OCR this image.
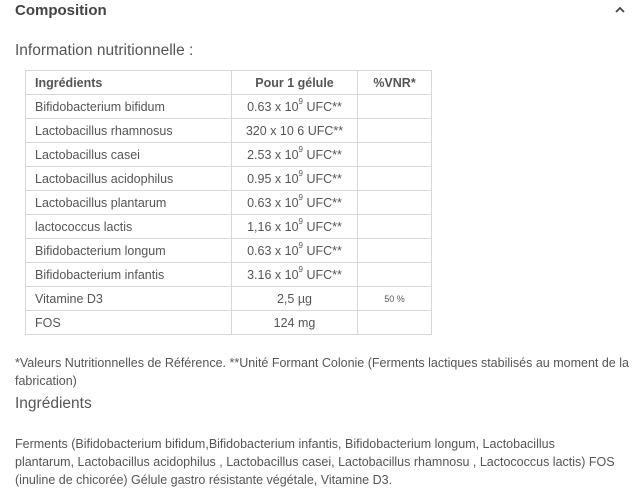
Composition
Information nutritionnelle :
Ingrédients	Pour 1 gélule	%VNR*
Bifidobacterium bifidum	0.63 x $10^9$ UFC**	
Lactobacillus rhamnosus	320 x 10 6 UFC**	
Lactobacillus casei	2.53 x $10^9$ UFC**	
Lactobacillus acidophilus	0.95 x $10^9$ UFC**	
Lactobacillus plantarum	0.63 x $10^9$ UFC**	
lactococcus lactis	1,16 x $10^9$ UFC**	
Bifidobacterium longum	0.63 x $10^9$ UFC**	
Bifidobacterium infantis	3.16 x $10^9$ UFC**	
Vitamine D3	2,5 µg	50 %
FOS	124 mg	
*Valeurs Nutritionnelles de Référence. **Unité Formant Colonie (Ferments lactiques stabilisés au moment de la fabrication)
Ingrédients
Ferments (Bifidobacterium bifidum,Bifidobacterium infantis, Bifidobacterium longum, Lactobacillus plantarum, Lactobacillus acidophilus , Lactobacillus casei, Lactobacillus rhamnosu , Lactococcus lactis) FOS (inuline de chicorée) Gélule gastro résistante végétale, Vitamine D3.
